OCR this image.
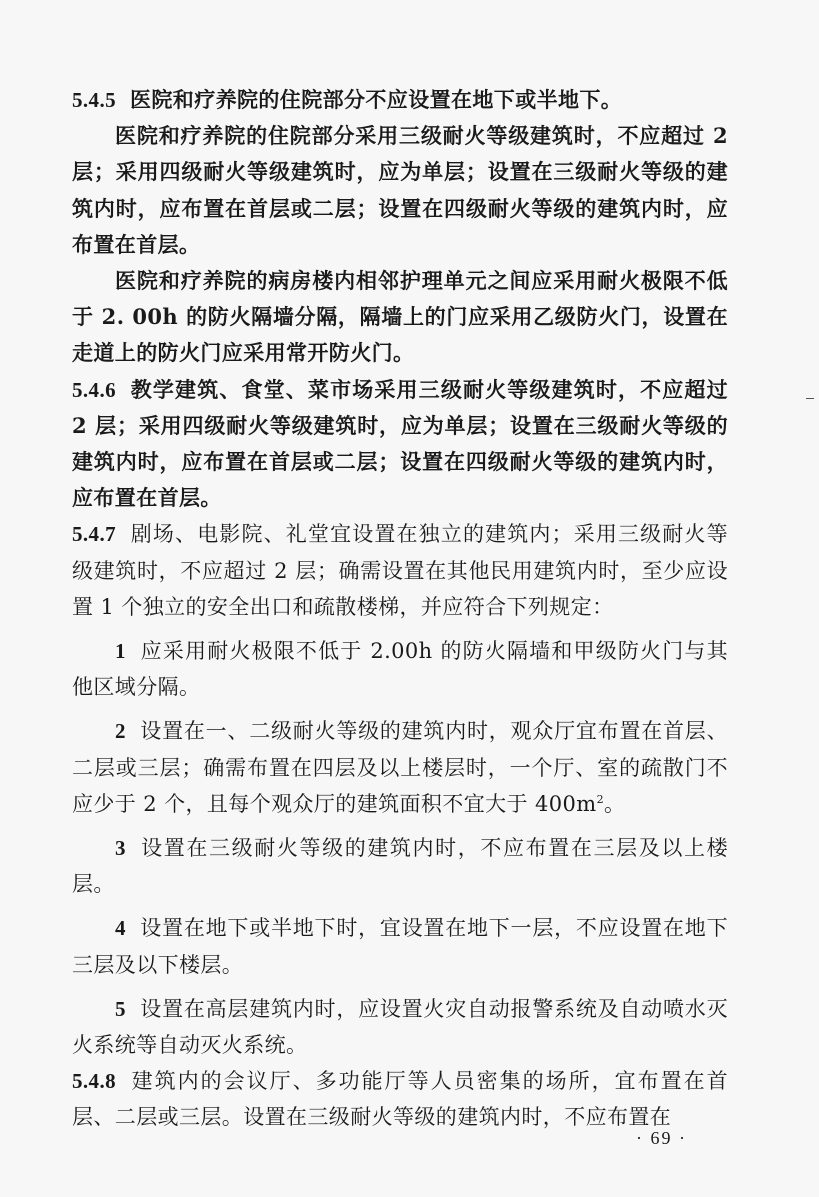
5.4.5 医院和疗养院的住院部分不应设置在地下或半地下。

医院和疗养院的住院部分采用三级耐火等级建筑时，不应超过 2 层；采用四级耐火等级建筑时，应为单层；设置在三级耐火等级的建筑内时，应布置在首层或二层；设置在四级耐火等级的建筑内时，应布置在首层。

医院和疗养院的病房楼内相邻护理单元之间应采用耐火极限不低于 2. 00h 的防火隔墙分隔，隔墙上的门应采用乙级防火门，设置在走道上的防火门应采用常开防火门。

5.4.6 教学建筑、食堂、菜市场采用三级耐火等级建筑时，不应超过 2 层；采用四级耐火等级建筑时，应为单层；设置在三级耐火等级的建筑内时，应布置在首层或二层；设置在四级耐火等级的建筑内时，应布置在首层。

5.4.7 剧场、电影院、礼堂宜设置在独立的建筑内；采用三级耐火等级建筑时，不应超过 2 层；确需设置在其他民用建筑内时，至少应设置 1 个独立的安全出口和疏散楼梯，并应符合下列规定：

1 应采用耐火极限不低于 2.00h 的防火隔墙和甲级防火门与其他区域分隔。

2 设置在一、二级耐火等级的建筑内时，观众厅宜布置在首层、二层或三层；确需布置在四层及以上楼层时，一个厅、室的疏散门不应少于 2 个，且每个观众厅的建筑面积不宜大于 $400m^2$。

3 设置在三级耐火等级的建筑内时，不应布置在三层及以上楼层。

4 设置在地下或半地下时，宜设置在地下一层，不应设置在地下三层及以下楼层。

5 设置在高层建筑内时，应设置火灾自动报警系统及自动喷水灭火系统等自动灭火系统。

5.4.8 建筑内的会议厅、多功能厅等人员密集的场所，宜布置在首层、二层或三层。设置在三级耐火等级的建筑内时，不应布置在

· 69 ·
